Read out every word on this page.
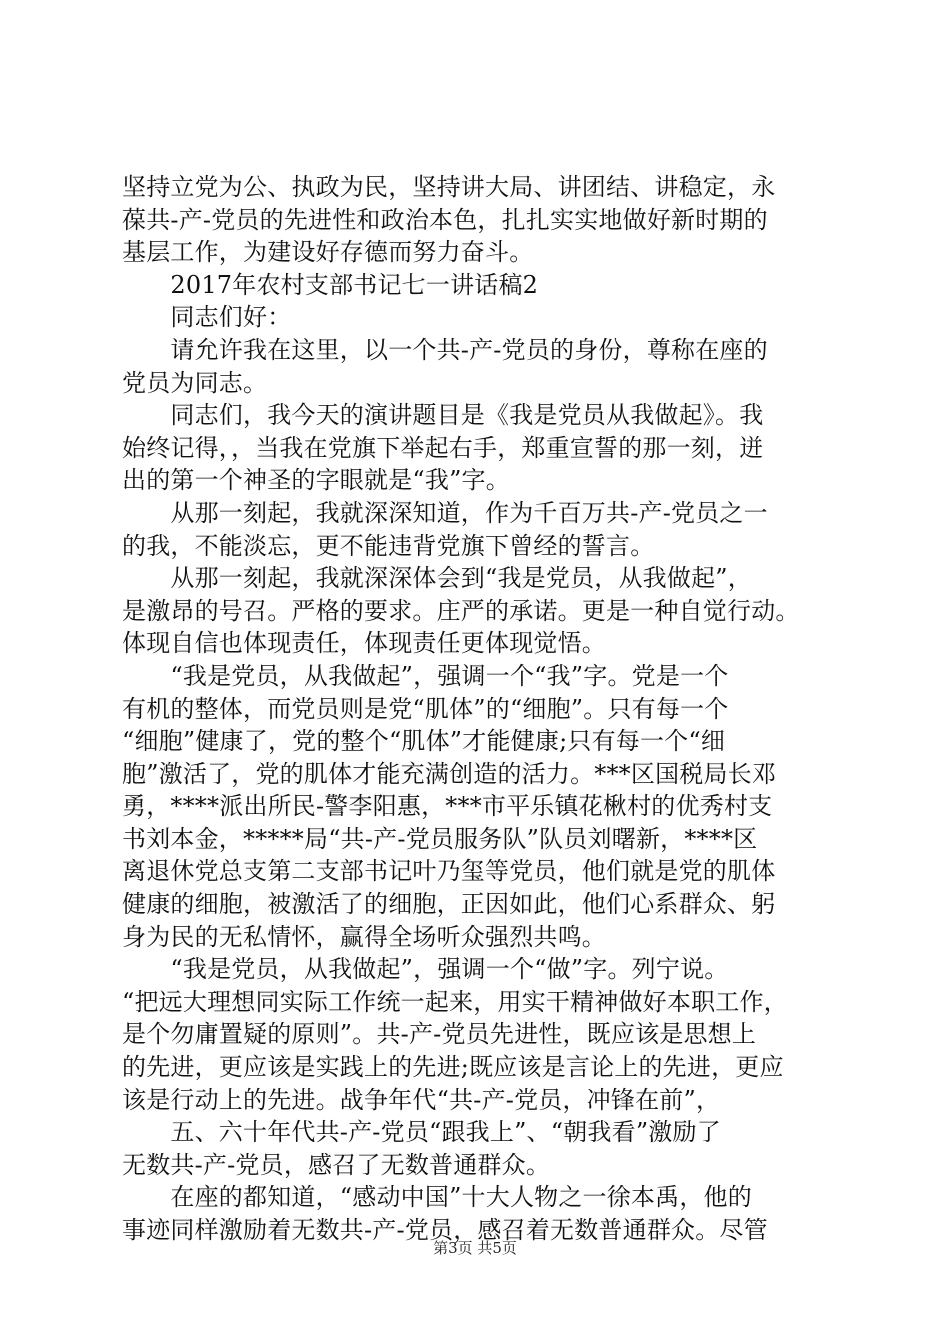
坚持立党为公、执政为民，坚持讲大局、讲团结、讲稳定，永
葆共-产-党员的先进性和政治本色，扎扎实实地做好新时期的
基层工作，为建设好存德而努力奋斗。
　　2017年农村支部书记七一讲话稿2
　　同志们好：
　　请允许我在这里，以一个共-产-党员的身份，尊称在座的
党员为同志。
　　同志们，我今天的演讲题目是《我是党员从我做起》。我
始终记得，，当我在党旗下举起右手，郑重宣誓的那一刻，迸
出的第一个神圣的字眼就是“我”字。
　　从那一刻起，我就深深知道，作为千百万共-产-党员之一
的我，不能淡忘，更不能违背党旗下曾经的誓言。
　　从那一刻起，我就深深体会到“我是党员，从我做起”，
是激昂的号召。严格的要求。庄严的承诺。更是一种自觉行动。
体现自信也体现责任，体现责任更体现觉悟。
　　“我是党员，从我做起”，强调一个“我”字。党是一个
有机的整体，而党员则是党“肌体”的“细胞”。只有每一个
“细胞”健康了，党的整个“肌体”才能健康;只有每一个“细
胞”激活了，党的肌体才能充满创造的活力。***区国税局长邓
勇，****派出所民-警李阳惠，***市平乐镇花楸村的优秀村支
书刘本金，*****局“共-产-党员服务队”队员刘曙新，****区
离退休党总支第二支部书记叶乃玺等党员，他们就是党的肌体
健康的细胞，被激活了的细胞，正因如此，他们心系群众、躬
身为民的无私情怀，赢得全场听众强烈共鸣。
　　“我是党员，从我做起”，强调一个“做”字。列宁说。
“把远大理想同实际工作统一起来，用实干精神做好本职工作，
是个勿庸置疑的原则”。共-产-党员先进性，既应该是思想上
的先进，更应该是实践上的先进;既应该是言论上的先进，更应
该是行动上的先进。战争年代“共-产-党员，冲锋在前”，
　　五、六十年代共-产-党员“跟我上”、“朝我看”激励了
无数共-产-党员，感召了无数普通群众。
　　在座的都知道，“感动中国”十大人物之一徐本禹，他的
事迹同样激励着无数共-产-党员，感召着无数普通群众。尽管
第3页 共5页
